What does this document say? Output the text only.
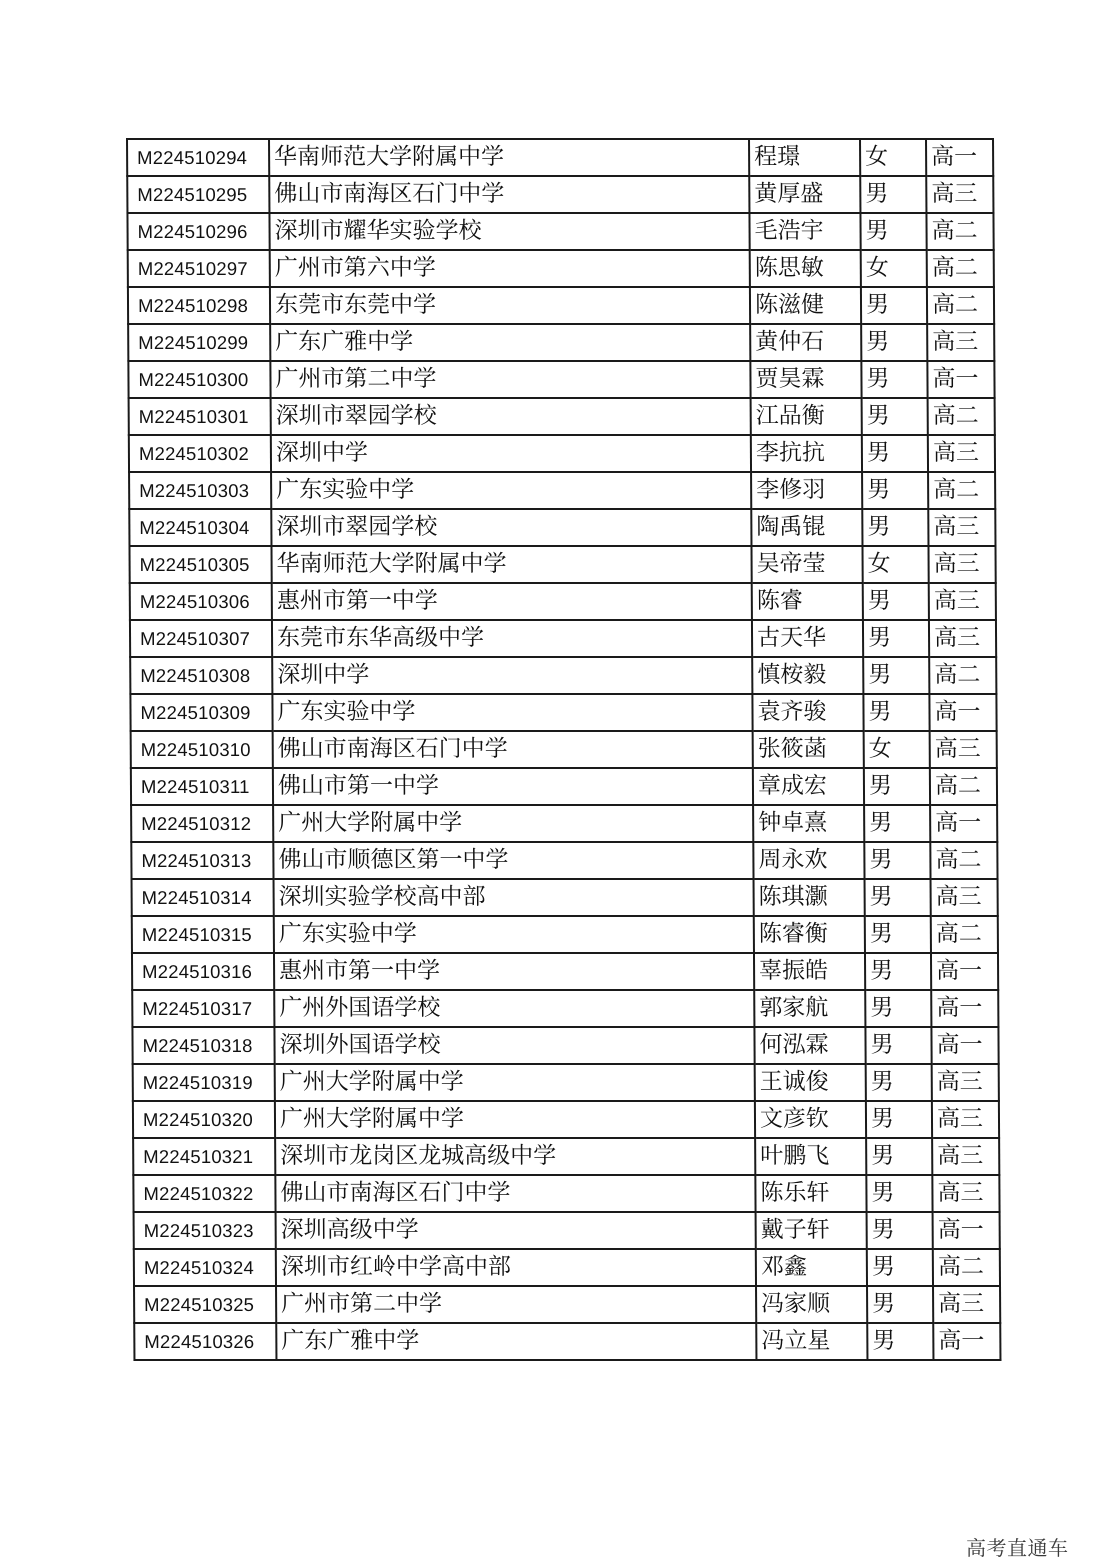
M224510294	华南师范大学附属中学	程璟	女	高一
M224510295	佛山市南海区石门中学	黄厚盛	男	高三
M224510296	深圳市耀华实验学校	毛浩宇	男	高二
M224510297	广州市第六中学	陈思敏	女	高二
M224510298	东莞市东莞中学	陈滋健	男	高二
M224510299	广东广雅中学	黄仲石	男	高三
M224510300	广州市第二中学	贾昊霖	男	高一
M224510301	深圳市翠园学校	江品衡	男	高二
M224510302	深圳中学	李抗抗	男	高三
M224510303	广东实验中学	李修羽	男	高二
M224510304	深圳市翠园学校	陶禹锟	男	高三
M224510305	华南师范大学附属中学	吴帝莹	女	高三
M224510306	惠州市第一中学	陈睿	男	高三
M224510307	东莞市东华高级中学	古天华	男	高三
M224510308	深圳中学	慎桉毅	男	高二
M224510309	广东实验中学	袁齐骏	男	高一
M224510310	佛山市南海区石门中学	张筱菡	女	高三
M224510311	佛山市第一中学	章成宏	男	高二
M224510312	广州大学附属中学	钟卓熹	男	高一
M224510313	佛山市顺德区第一中学	周永欢	男	高二
M224510314	深圳实验学校高中部	陈琪灏	男	高三
M224510315	广东实验中学	陈睿衡	男	高二
M224510316	惠州市第一中学	辜振皓	男	高一
M224510317	广州外国语学校	郭家航	男	高一
M224510318	深圳外国语学校	何泓霖	男	高一
M224510319	广州大学附属中学	王诚俊	男	高三
M224510320	广州大学附属中学	文彦钦	男	高三
M224510321	深圳市龙岗区龙城高级中学	叶鹏飞	男	高三
M224510322	佛山市南海区石门中学	陈乐轩	男	高三
M224510323	深圳高级中学	戴子轩	男	高一
M224510324	深圳市红岭中学高中部	邓鑫	男	高二
M224510325	广州市第二中学	冯家顺	男	高三
M224510326	广东广雅中学	冯立星	男	高一
高考直通车
